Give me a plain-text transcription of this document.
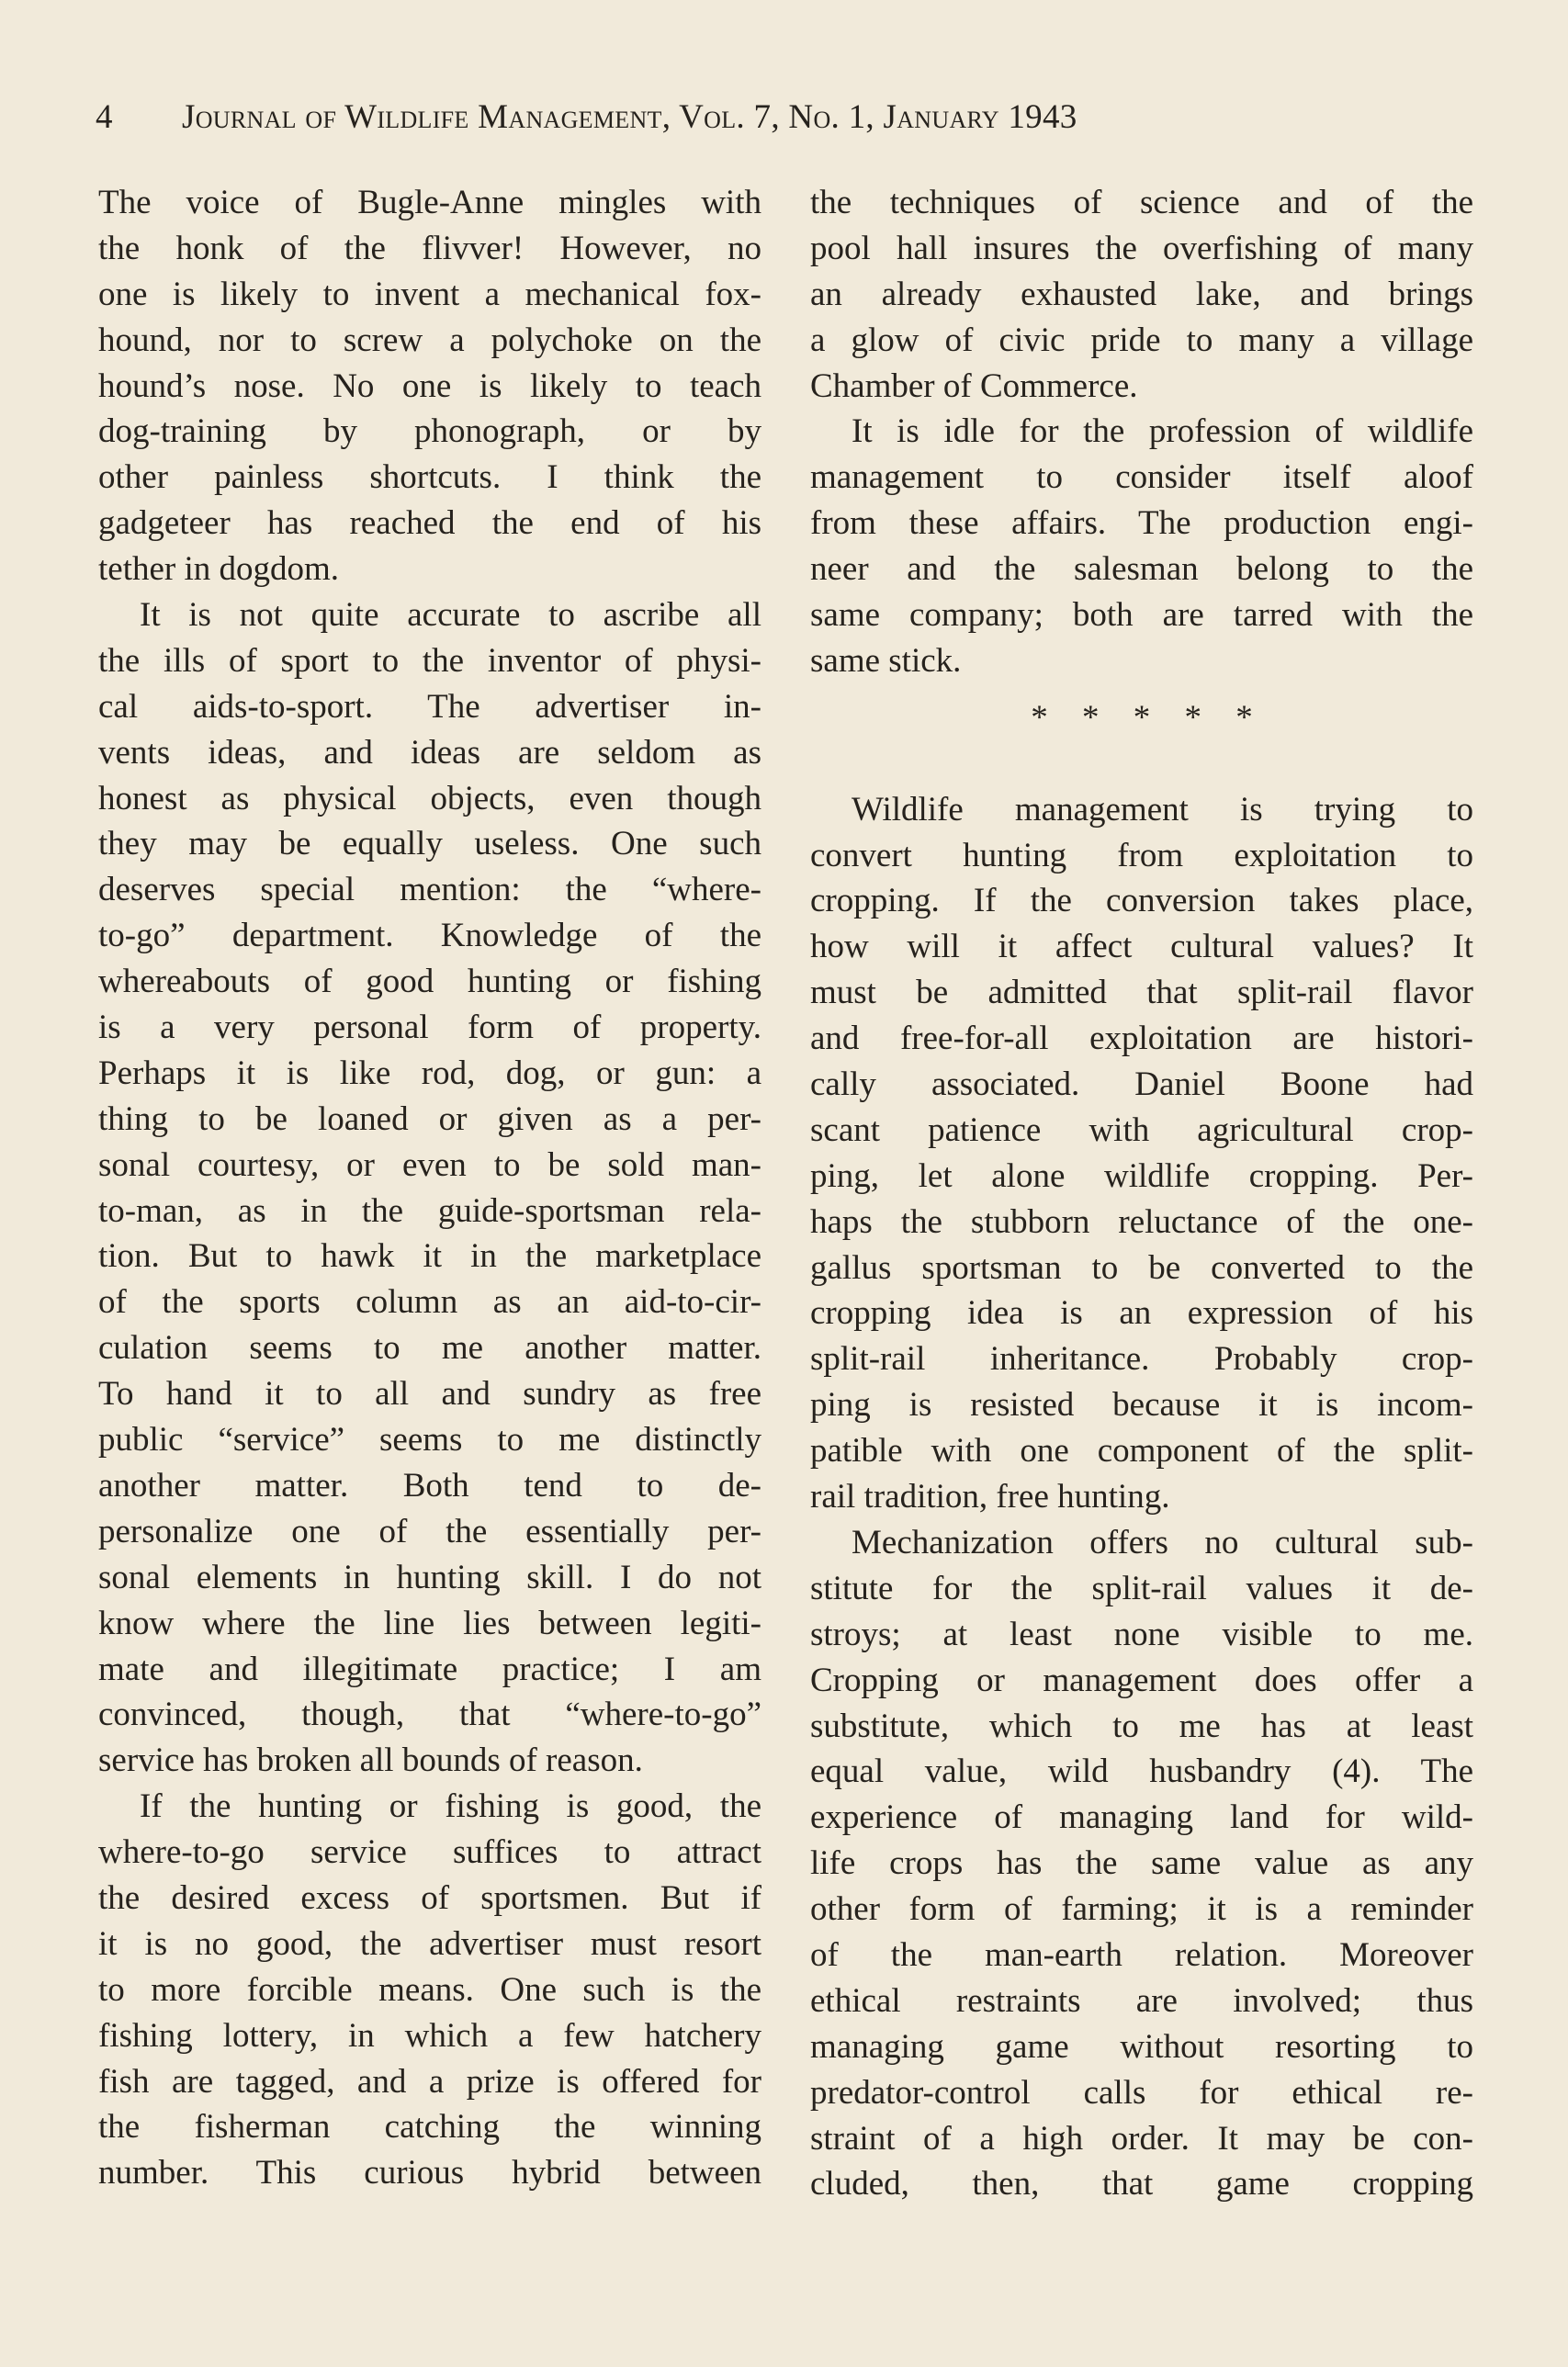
4 Journal of Wildlife Management, Vol. 7, No. 1, January 1943
The voice of Bugle-Anne mingles with
the honk of the flivver! However, no
one is likely to invent a mechanical fox-
hound, nor to screw a polychoke on the
hound’s nose. No one is likely to teach
dog-training by phonograph, or by
other painless shortcuts. I think the
gadgeteer has reached the end of his
tether in dogdom.
It is not quite accurate to ascribe all
the ills of sport to the inventor of physi-
cal aids-to-sport. The advertiser in-
vents ideas, and ideas are seldom as
honest as physical objects, even though
they may be equally useless. One such
deserves special mention: the “where-
to-go” department. Knowledge of the
whereabouts of good hunting or fishing
is a very personal form of property.
Perhaps it is like rod, dog, or gun: a
thing to be loaned or given as a per-
sonal courtesy, or even to be sold man-
to-man, as in the guide-sportsman rela-
tion. But to hawk it in the marketplace
of the sports column as an aid-to-cir-
culation seems to me another matter.
To hand it to all and sundry as free
public “service” seems to me distinctly
another matter. Both tend to de-
personalize one of the essentially per-
sonal elements in hunting skill. I do not
know where the line lies between legiti-
mate and illegitimate practice; I am
convinced, though, that “where-to-go”
service has broken all bounds of reason.
If the hunting or fishing is good, the
where-to-go service suffices to attract
the desired excess of sportsmen. But if
it is no good, the advertiser must resort
to more forcible means. One such is the
fishing lottery, in which a few hatchery
fish are tagged, and a prize is offered for
the fisherman catching the winning
number. This curious hybrid between
the techniques of science and of the
pool hall insures the overfishing of many
an already exhausted lake, and brings
a glow of civic pride to many a village
Chamber of Commerce.
It is idle for the profession of wildlife
management to consider itself aloof
from these affairs. The production engi-
neer and the salesman belong to the
same company; both are tarred with the
same stick.
* * * * *
Wildlife management is trying to
convert hunting from exploitation to
cropping. If the conversion takes place,
how will it affect cultural values? It
must be admitted that split-rail flavor
and free-for-all exploitation are histori-
cally associated. Daniel Boone had
scant patience with agricultural crop-
ping, let alone wildlife cropping. Per-
haps the stubborn reluctance of the one-
gallus sportsman to be converted to the
cropping idea is an expression of his
split-rail inheritance. Probably crop-
ping is resisted because it is incom-
patible with one component of the split-
rail tradition, free hunting.
Mechanization offers no cultural sub-
stitute for the split-rail values it de-
stroys; at least none visible to me.
Cropping or management does offer a
substitute, which to me has at least
equal value, wild husbandry (4). The
experience of managing land for wild-
life crops has the same value as any
other form of farming; it is a reminder
of the man-earth relation. Moreover
ethical restraints are involved; thus
managing game without resorting to
predator-control calls for ethical re-
straint of a high order. It may be con-
cluded, then, that game cropping
